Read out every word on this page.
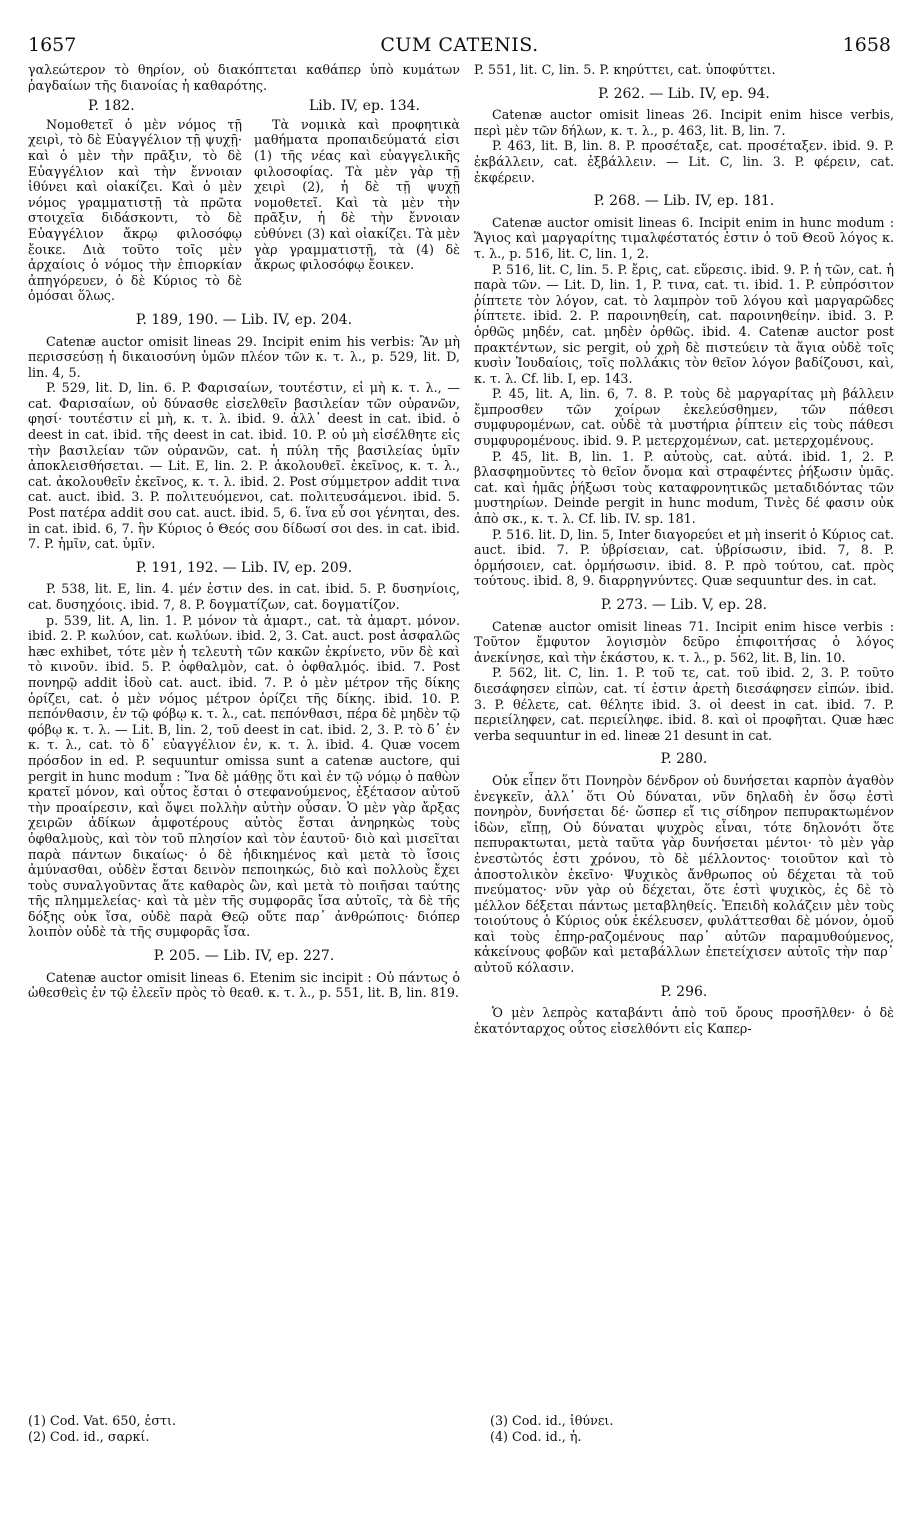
1657	CUM CATENIS.	1658

γαλεώτερον τὸ θηρίον, οὐ διακόπτεται καθάπερ ὑπὸ κυμάτων ῥαγδαίων τῆς διανοίας ἡ καθαρότης.

P. 182.	Lib. IV, ep. 134.

Νομοθετεῖ ὁ μὲν νόμος τῇ χειρὶ, τὸ δὲ Εὐαγγέλιον τῇ ψυχῇ· καὶ ὁ μὲν τὴν πρᾶξιν, τὸ δὲ Εὐαγγέλιον καὶ τὴν ἔννοιαν ἰθύνει καὶ οἰακίζει. Καὶ ὁ μὲν νόμος γραμματιστῇ τὰ πρῶτα στοιχεῖα διδάσκοντι, τὸ δὲ Εὐαγγέλιον ἄκρῳ φιλοσόφῳ ἔοικε. Διὰ τοῦτο τοῖς μὲν ἀρχαίοις ὁ νόμος τὴν ἐπιορκίαν ἀπηγόρευεν, ὁ δὲ Κύριος τὸ δὲ ὀμόσαι ὅλως.

Τὰ νομικὰ καὶ προφητικὰ μαθήματα προπαιδεύματά εἰσι (1) τῆς νέας καὶ εὐαγγελικῆς φιλοσοφίας. Τὰ μὲν γὰρ τῇ χειρὶ (2), ἡ δὲ τῇ ψυχῇ νομοθετεῖ. Καὶ τὰ μὲν τὴν πρᾶξιν, ἡ δὲ τὴν ἔννοιαν εὐθύνει (3) καὶ οἰακίζει. Τὰ μὲν γὰρ γραμματιστῇ, τὰ (4) δὲ ἄκρως φιλοσόφῳ ἔοικεν.

P. 189, 190. — Lib. IV, ep. 204.

Catenæ auctor omisit lineas 29. Incipit enim his verbis: Ἂν μὴ περισσεύσῃ ἡ δικαιοσύνη ὑμῶν πλέον τῶν κ. τ. λ., p. 529, lit. D, lin. 4, 5.

P. 529, lit. D, lin. 6. P. Φαρισαίων, τουτέστιν, εἰ μὴ κ. τ. λ., — cat. Φαρισαίων, οὐ δύνασθε εἰσελθεῖν βασιλείαν τῶν οὐρανῶν, φησί· τουτέστιν εἰ μὴ, κ. τ. λ. ibid. 9. ἀλλ᾽ deest in cat. ibid. ὁ deest in cat. ibid. τῆς deest in cat. ibid. 10. P. οὐ μὴ εἰσέλθητε εἰς τὴν βασιλείαν τῶν οὐρανῶν, cat. ἡ πύλη τῆς βασιλείας ὑμῖν ἀποκλεισθήσεται. — Lit. E, lin. 2. P. ἀκολουθεῖ. ἐκεῖνος, κ. τ. λ., cat. ἀκολουθεῖν ἐκεῖνος, κ. τ. λ. ibid. 2. Post σύμμετρον addit τινα cat. auct. ibid. 3. P. πολιτευόμενοι, cat. πολιτευσάμενοι. ibid. 5. Post πατέρα addit σου cat. auct. ibid. 5, 6. ἵνα εὖ σοι γένηται, des. in cat. ibid. 6, 7. ἣν Κύριος ὁ Θεός σου δίδωσί σοι des. in cat. ibid. 7. P. ἡμῖν, cat. ὑμῖν.

P. 191, 192. — Lib. IV, ep. 209.

P. 538, lit. E, lin. 4. μέν ἐστιν des. in cat. ibid. 5. P. δυσηνίοις, cat. δυσηχόοις. ibid. 7, 8. P. δογματίζων, cat. δογματίζον.

p. 539, lit. A, lin. 1. P. μόνον τὰ ἁμαρτ., cat. τὰ ἁμαρτ. μόνον. ibid. 2. P. κωλύον, cat. κωλύων. ibid. 2, 3. Cat. auct. post ἀσφαλῶς hæc exhibet, τότε μὲν ἡ τελευτὴ τῶν κακῶν ἐκρίνετο, νῦν δὲ καὶ τὸ κινοῦν. ibid. 5. P. ὀφθαλμὸν, cat. ὁ ὀφθαλμός. ibid. 7. Post πονηρῷ addit ἰδοὺ cat. auct. ibid. 7. P. ὁ μὲν μέτρον τῆς δίκης ὁρίζει, cat. ὁ μὲν νόμος μέτρον ὁρίζει τῆς δίκης. ibid. 10. P. πεπόνθασιν, ἐν τῷ φόβῳ κ. τ. λ., cat. πεπόνθασι, πέρα δὲ μηδὲν τῷ φόβῳ κ. τ. λ. — Lit. B, lin. 2, τοῦ deest in cat. ibid. 2, 3. P. τὸ δ᾽ ἐν κ. τ. λ., cat. τὸ δ᾽ εὐαγγέλιον ἐν, κ. τ. λ. ibid. 4. Quæ vocem πρόσδον in ed. P. sequuntur omissa sunt a catenæ auctore, qui pergit in hunc modum : Ἵνα δὲ μάθῃς ὅτι καὶ ἐν τῷ νόμῳ ὁ παθὼν κρατεῖ μόνον, καὶ οὗτος ἔσται ὁ στεφανούμενος, ἐξέτασον αὐτοῦ τὴν προαίρεσιν, καὶ ὄψει πολλὴν αὐτὴν οὖσαν. Ὁ μὲν γὰρ ἄρξας χειρῶν ἀδίκων ἀμφοτέρους αὐτὸς ἔσται ἀνηρηκὼς τοὺς ὀφθαλμοὺς, καὶ τὸν τοῦ πλησίον καὶ τὸν ἑαυτοῦ· διὸ καὶ μισεῖται παρὰ πάντων δικαίως· ὁ δὲ ἠδικημένος καὶ μετὰ τὸ ἴσοις ἀμύνασθαι, οὐδὲν ἔσται δεινὸν πεποιηκώς, διὸ καὶ πολλοὺς ἔχει τοὺς συναλγοῦντας ἅτε καθαρὸς ὢν, καὶ μετὰ τὸ ποιῆσαι ταύτης τῆς πλημμελείας· καὶ τὰ μὲν τῆς συμφορᾶς ἴσα αὐτοῖς, τὰ δὲ τῆς δόξης οὐκ ἴσα, οὐδὲ παρὰ Θεῷ οὔτε παρ᾽ ἀνθρώποις· διόπερ λοιπὸν οὐδὲ τὰ τῆς συμφορᾶς ἴσα.

P. 205. — Lib. IV, ep. 227.

Catenæ auctor omisit lineas 6. Etenim sic incipit : Οὐ πάντως ὁ ὠθεσθεὶς ἐν τῷ ἐλεεῖν πρὸς τὸ θεαθ. κ. τ. λ., p. 551, lit. B, lin. 819.

P. 551, lit. C, lin. 5. P. κηρύττει, cat. ὑποφύττει.

P. 262. — Lib. IV, ep. 94.

Catenæ auctor omisit lineas 26. Incipit enim hisce verbis, περὶ μὲν τῶν δήλων, κ. τ. λ., p. 463, lit. B, lin. 7.

P. 463, lit. B, lin. 8. P. προσέταξε, cat. προσέταξεν. ibid. 9. P. ἐκβάλλειν, cat. ἐξβάλλειν. — Lit. C, lin. 3. P. φέρειν, cat. ἐκφέρειν.

P. 268. — Lib. IV, ep. 181.

Catenæ auctor omisit lineas 6. Incipit enim in hunc modum : Ἅγιος καὶ μαργαρίτης τιμαλφέστατός ἐστιν ὁ τοῦ Θεοῦ λόγος κ. τ. λ., p. 516, lit. C, lin. 1, 2.

P. 516, lit. C, lin. 5. P. ἔρις, cat. εὕρεσις. ibid. 9. P. ἡ τῶν, cat. ἡ παρὰ τῶν. — Lit. D, lin. 1, P. τινα, cat. τι. ibid. 1. P. εὐπρόσιτον ῥίπτετε τὸν λόγον, cat. τὸ λαμπρὸν τοῦ λόγου καὶ μαργαρῶδες ῥίπτετε. ibid. 2. P. παροινηθείη, cat. παροινηθείην. ibid. 3. P. ὀρθῶς μηδέν, cat. μηδὲν ὀρθῶς. ibid. 4. Catenæ auctor post πρακτέντων, sic pergit, οὐ χρὴ δὲ πιστεύειν τὰ ἅγια οὐδὲ τοῖς κυσὶν Ἰουδαίοις, τοῖς πολλάκις τὸν θεῖον λόγον βαδίζουσι, καὶ, κ. τ. λ. Cf. lib. I, ep. 143.

P. 45, lit. A, lin. 6, 7. 8. P. τοὺς δὲ μαργαρίτας μὴ βάλλειν ἔμπροσθεν τῶν χοίρων ἐκελεύσθημεν, τῶν πάθεσι συμφυρομένων, cat. οὐδὲ τὰ μυστήρια ῥίπτειν εἰς τοὺς πάθεσι συμφυρομένους. ibid. 9. P. μετερχομένων, cat. μετερχομένους.

P. 45, lit. B, lin. 1. P. αὐτοὺς, cat. αὐτά. ibid. 1, 2. P. βλασφημοῦντες τὸ θεῖον ὄνομα καὶ στραφέντες ῥήξωσιν ὑμᾶς. cat. καὶ ἡμᾶς ῥήξωσι τοὺς καταφρονητικῶς μεταδιδόντας τῶν μυστηρίων. Deinde pergit in hunc modum, Τινὲς δέ φασιν οὐκ ἀπὸ σκ., κ. τ. λ. Cf. lib. IV. sp. 181.

P. 516. lit. D, lin. 5, Inter διαγορεύει et μὴ inserit ὁ Κύριος cat. auct. ibid. 7. P. ὑβρίσειαν, cat. ὑβρίσωσιν, ibid. 7, 8. P. ὁρμήσοιεν, cat. ὁρμήσωσιν. ibid. 8. P. πρὸ τούτου, cat. πρὸς τούτους. ibid. 8, 9. διαρρηγνύντες. Quæ sequuntur des. in cat.

P. 273. — Lib. V, ep. 28.

Catenæ auctor omisit lineas 71. Incipit enim hisce verbis : Τοῦτον ἔμφυτον λογισμὸν δεῦρο ἐπιφοιτήσας ὁ λόγος ἀνεκίνησε, καὶ τὴν ἑκάστου, κ. τ. λ., p. 562, lit. B, lin. 10.

P. 562, lit. C, lin. 1. P. τοῦ τε, cat. τοῦ ibid. 2, 3. P. τοῦτο διεσάφησεν εἰπὼν, cat. τί ἐστιν ἀρετὴ διεσάφησεν εἰπών. ibid. 3. P. θέλετε, cat. θέλητε ibid. 3. οἱ deest in cat. ibid. 7. P. περιείληφεν, cat. περιείληφε. ibid. 8. καὶ οἱ προφῆται. Quæ hæc verba sequuntur in ed. lineæ 21 desunt in cat.

P. 280.

Οὐκ εἶπεν ὅτι Πονηρὸν δένδρον οὐ δυνήσεται καρπὸν ἀγαθὸν ἐνεγκεῖν, ἀλλ᾽ ὅτι Οὐ δύναται, νῦν δηλαδὴ ἐν ὅσῳ ἐστὶ πονηρὸν, δυνήσεται δέ· ὥσπερ εἴ τις σίδηρον πεπυρακτωμένον ἰδὼν, εἴπῃ, Οὐ δύναται ψυχρὸς εἶναι, τότε δηλονότι ὅτε πεπυρακτωται, μετὰ ταῦτα γὰρ δυνήσεται μέντοι· τὸ μὲν γὰρ ἐνεστὼτός ἐστι χρόνου, τὸ δὲ μέλλοντος· τοιοῦτον καὶ τὸ ἀποστολικὸν ἐκεῖνο· Ψυχικὸς ἄνθρωπος οὐ δέχεται τὰ τοῦ πνεύματος· νῦν γὰρ οὐ δέχεται, ὅτε ἐστὶ ψυχικὸς, ἐς δὲ τὸ μέλλον δέξεται πάντως μεταβληθείς. Ἐπειδὴ κολάζειν μὲν τοὺς τοιούτους ὁ Κύριος οὐκ ἐκέλευσεν, φυλάττεσθαι δὲ μόνον, ὁμοῦ καὶ τοὺς ἐπηρ-ραζομένους παρ᾽ αὐτῶν παραμυθούμενος, κἀκείνους φοβῶν καὶ μεταβάλλων ἐπετείχισεν αὐτοῖς τὴν παρ᾽ αὐτοῦ κόλασιν.

P. 296.

Ὁ μὲν λεπρὸς καταβάντι ἀπὸ τοῦ ὄρους προσῆλθεν· ὁ δὲ ἑκατόνταρχος οὗτος εἰσελθόντι εἰς Καπερ-

(1) Cod. Vat. 650, ἐστι.
(2) Cod. id., σαρκί.
(3) Cod. id., ἰθύνει.
(4) Cod. id., ἡ.
